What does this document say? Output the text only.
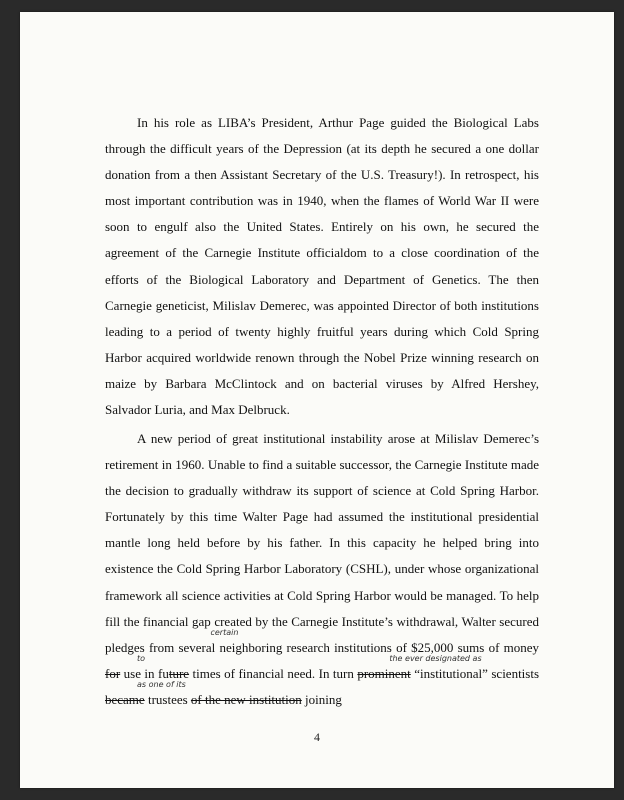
In his role as LIBA’s President, Arthur Page guided the Biological Labs through the difficult years of the Depression (at its depth he secured a one dollar donation from a then Assistant Secretary of the U.S. Treasury!). In retrospect, his most important contribution was in 1940, when the flames of World War II were soon to engulf also the United States. Entirely on his own, he secured the agreement of the Carnegie Institute officialdom to a close coordination of the efforts of the Biological Laboratory and Department of Genetics. The then Carnegie geneticist, Milislav Demerec, was appointed Director of both institutions leading to a period of twenty highly fruitful years during which Cold Spring Harbor acquired worldwide renown through the Nobel Prize winning research on maize by Barbara McClintock and on bacterial viruses by Alfred Hershey, Salvador Luria, and Max Delbruck.

A new period of great institutional instability arose at Milislav Demerec’s retirement in 1960. Unable to find a suitable successor, the Carnegie Institute made the decision to gradually withdraw its support of science at Cold Spring Harbor. Fortunately by this time Walter Page had assumed the institutional presidential mantle long held before by his father. In this capacity he helped bring into existence the Cold Spring Harbor Laboratory (CSHL), under whose organizational framework all science activities at Cold Spring Harbor would be managed. To help fill the financial gap created by the Carnegie Institute’s withdrawal, Walter secured pledges from
certain
several neighboring research institutions of $25,000 sums of money
to
for use in future times of financial need. In turn
the ever designated as
prominent “institutional” scientists
as one of its
became trustees of the new institution joining

4
